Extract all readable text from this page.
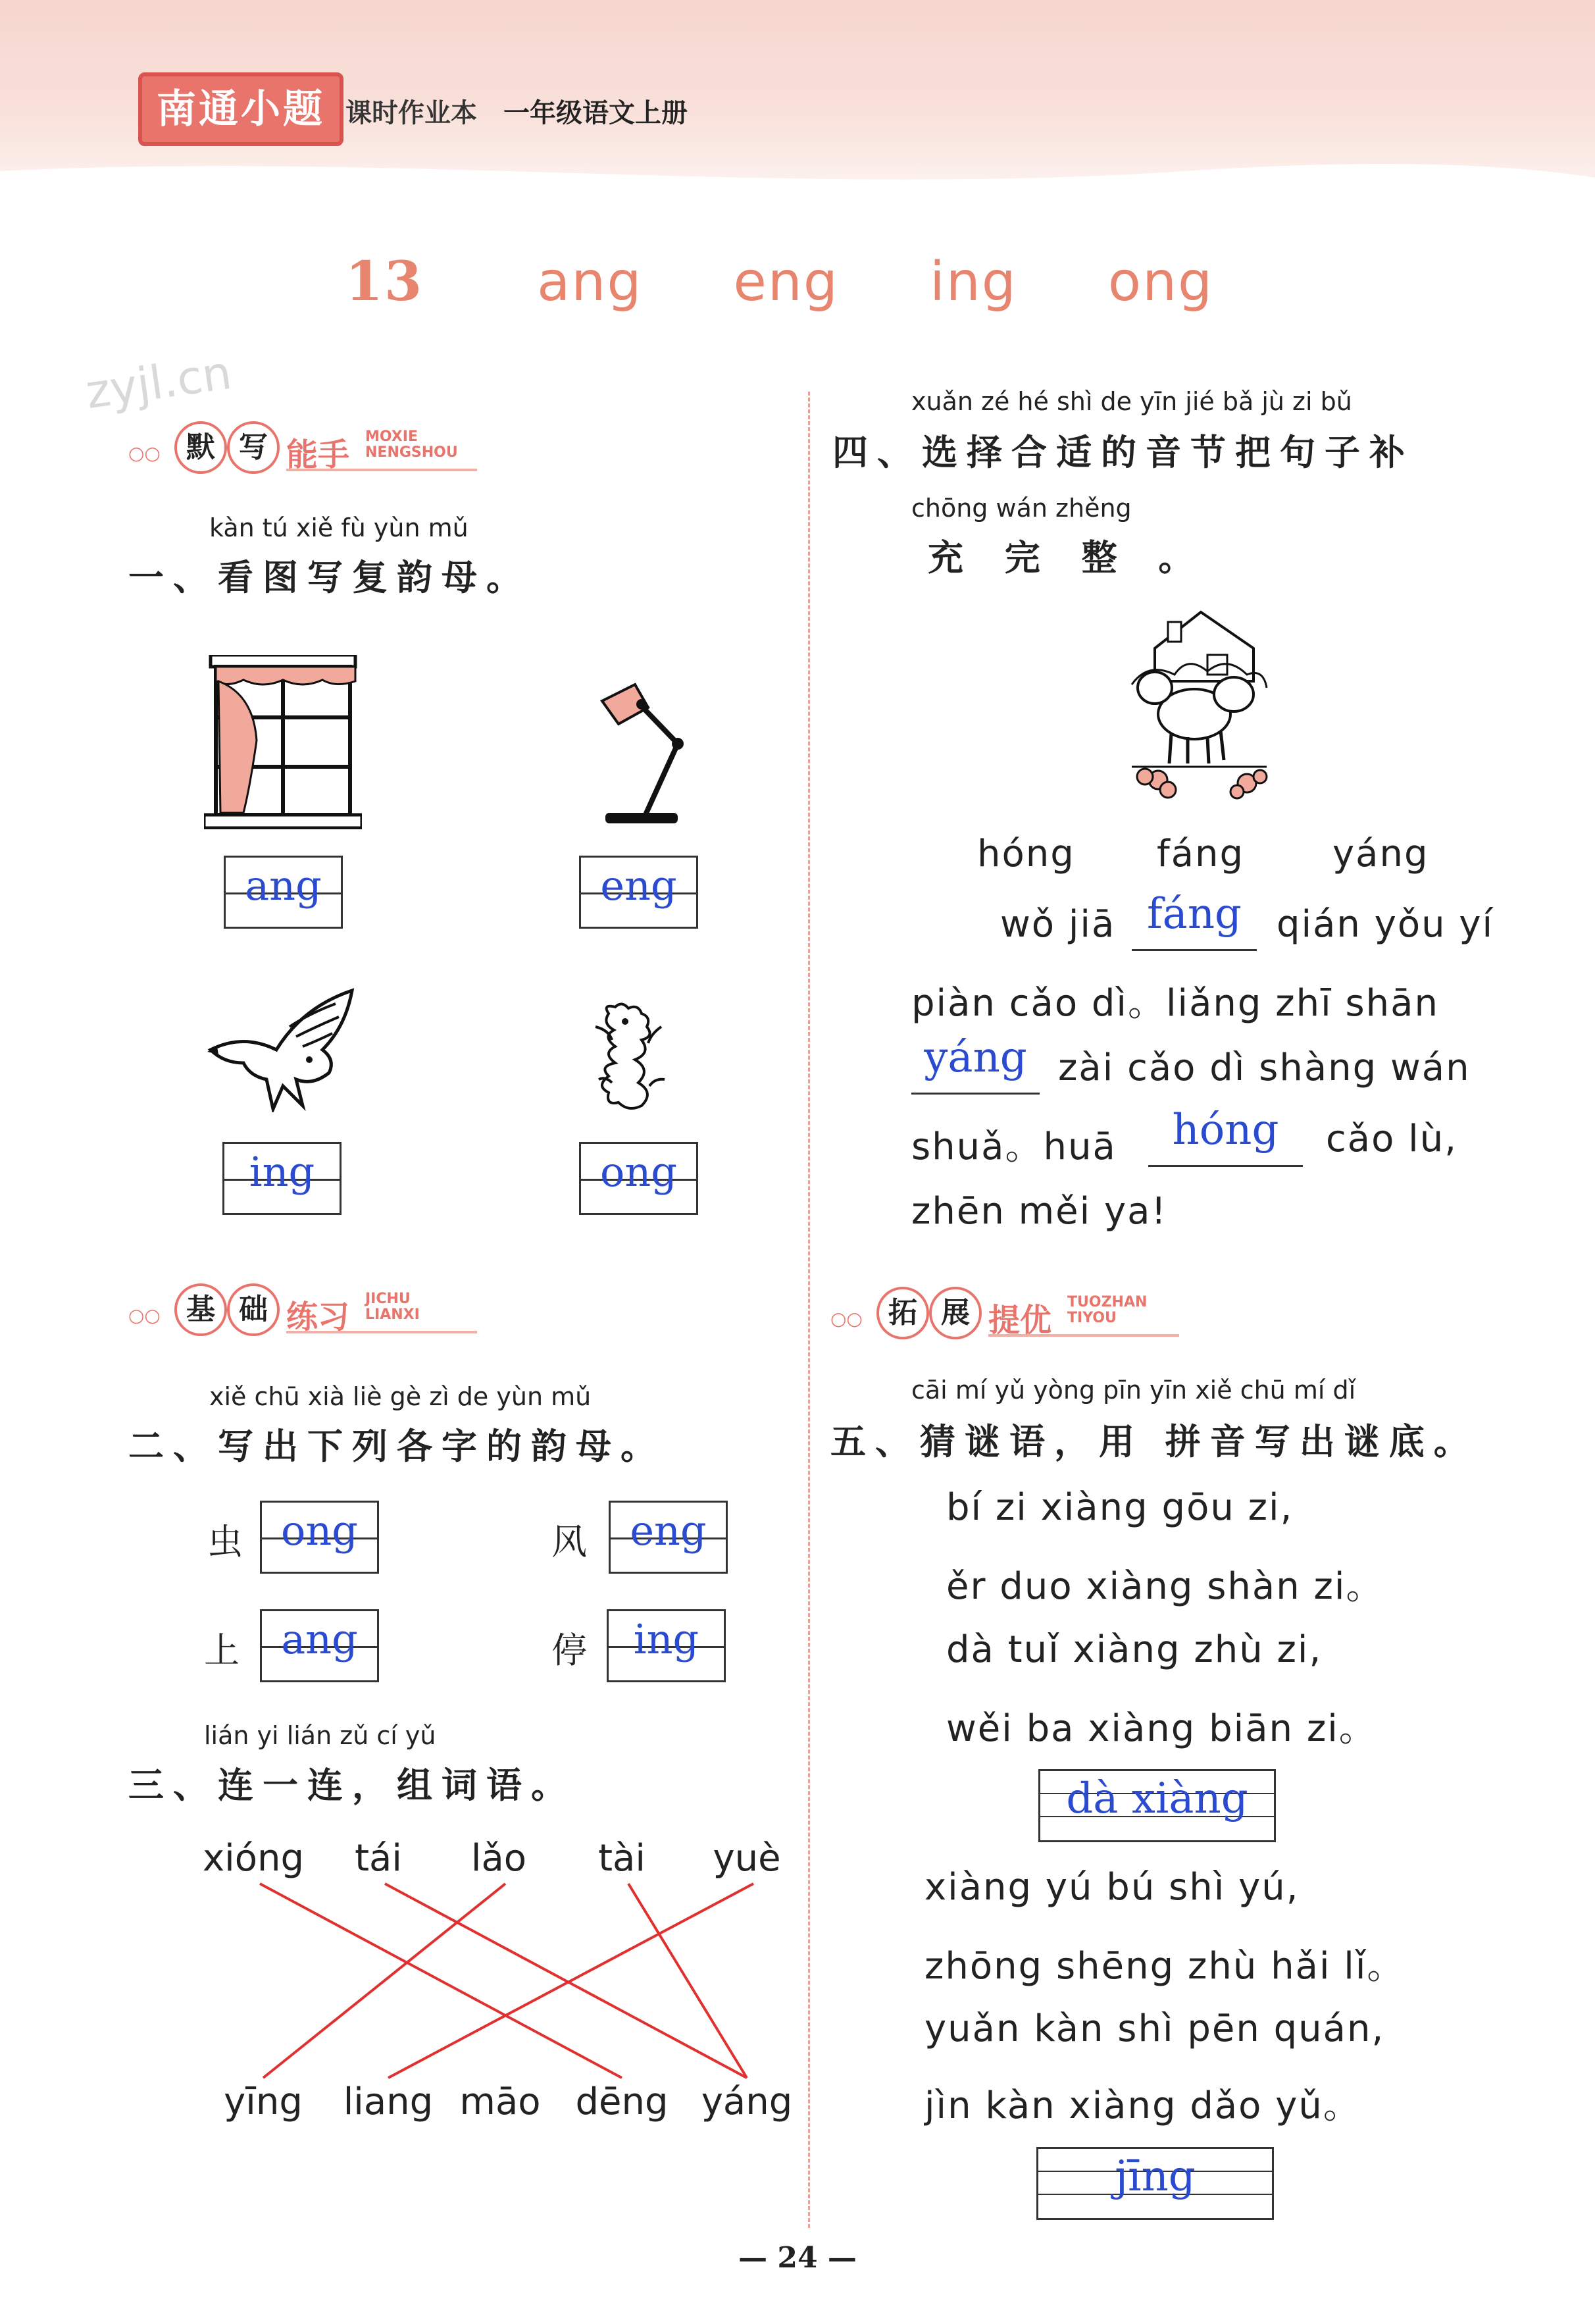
南通小题 课时作业本 一年级语文上册
13 ang eng ing ong
zyjl.cn
○○ 默 写 能手 MOXIE
NENGSHOU
kàn tú xiě fù yùn mǔ
一、看图写复韵母。
ang	eng
ing	ong
○○ 基 础 练习 JICHU
LIANXI
xiě chū xià liè gè zì de yùn mǔ
二、写出下列各字的韵母。
虫 ong	风	eng
上	ang	停	ing
lián yi lián zǔ cí yǔ
三、连一连，组词语。
xióng tái lǎo tài yuè
yīng liang māo dēng yáng
○○ 拓 展 提优 TUOZHAN
TIYOU
xuǎn zé hé shì de yīn jié bǎ jù zi bǔ
四、选择合适的音节把句子补
chōng wán zhěng
充 完 整 。
hóng fáng yáng
wǒ jiā fáng qián yǒu yí
piàn cǎo dì。liǎng zhī shān
yáng zài cǎo dì shàng wán
shuǎ。huā	hóng	cǎo lù,
zhēn měi ya!
cāi mí yǔ yòng pīn yīn xiě chū mí dǐ
五、猜谜语，用 拼音写出谜底。
bí zi xiàng gōu zi,
ěr duo xiàng shàn zi。
dà tuǐ xiàng zhù zi,
wěi ba xiàng biān zi。
dà xiàng
xiàng yú bú shì yú,
zhōng shēng zhù hǎi lǐ。
yuǎn kàn shì pēn quán,
jìn kàn xiàng dǎo yǔ。
jīng
— 24 —
